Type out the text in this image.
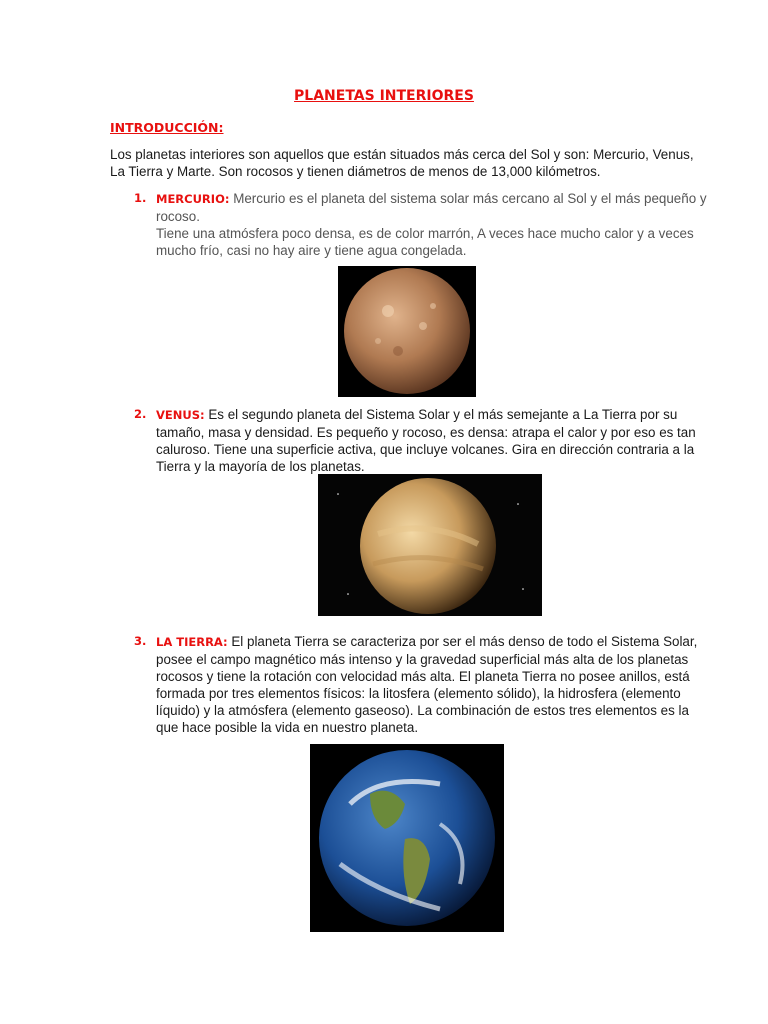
PLANETAS INTERIORES
INTRODUCCIÓN:
Los planetas interiores son aquellos que están situados más cerca del Sol y son: Mercurio, Venus, La Tierra y Marte. Son rocosos y tienen diámetros de menos de 13,000 kilómetros.
1. MERCURIO: Mercurio es el planeta del sistema solar más cercano al Sol y el más pequeño y rocoso.
Tiene una atmósfera poco densa, es de color marrón, A veces hace mucho calor y a veces mucho frío, casi no hay aire y tiene agua congelada.
2. VENUS: Es el segundo planeta del Sistema Solar y el más semejante a La Tierra por su tamaño, masa y densidad. Es pequeño y rocoso, es densa: atrapa el calor y por eso es tan caluroso. Tiene una superficie activa, que incluye volcanes. Gira en dirección contraria a la Tierra y la mayoría de los planetas.
3. LA TIERRA: El planeta Tierra se caracteriza por ser el más denso de todo el Sistema Solar, posee el campo magnético más intenso y la gravedad superficial más alta de los planetas rocosos y tiene la rotación con velocidad más alta. El planeta Tierra no posee anillos, está formada por tres elementos físicos: la litosfera (elemento sólido), la hidrosfera (elemento líquido) y la atmósfera (elemento gaseoso). La combinación de estos tres elementos es la que hace posible la vida en nuestro planeta.
